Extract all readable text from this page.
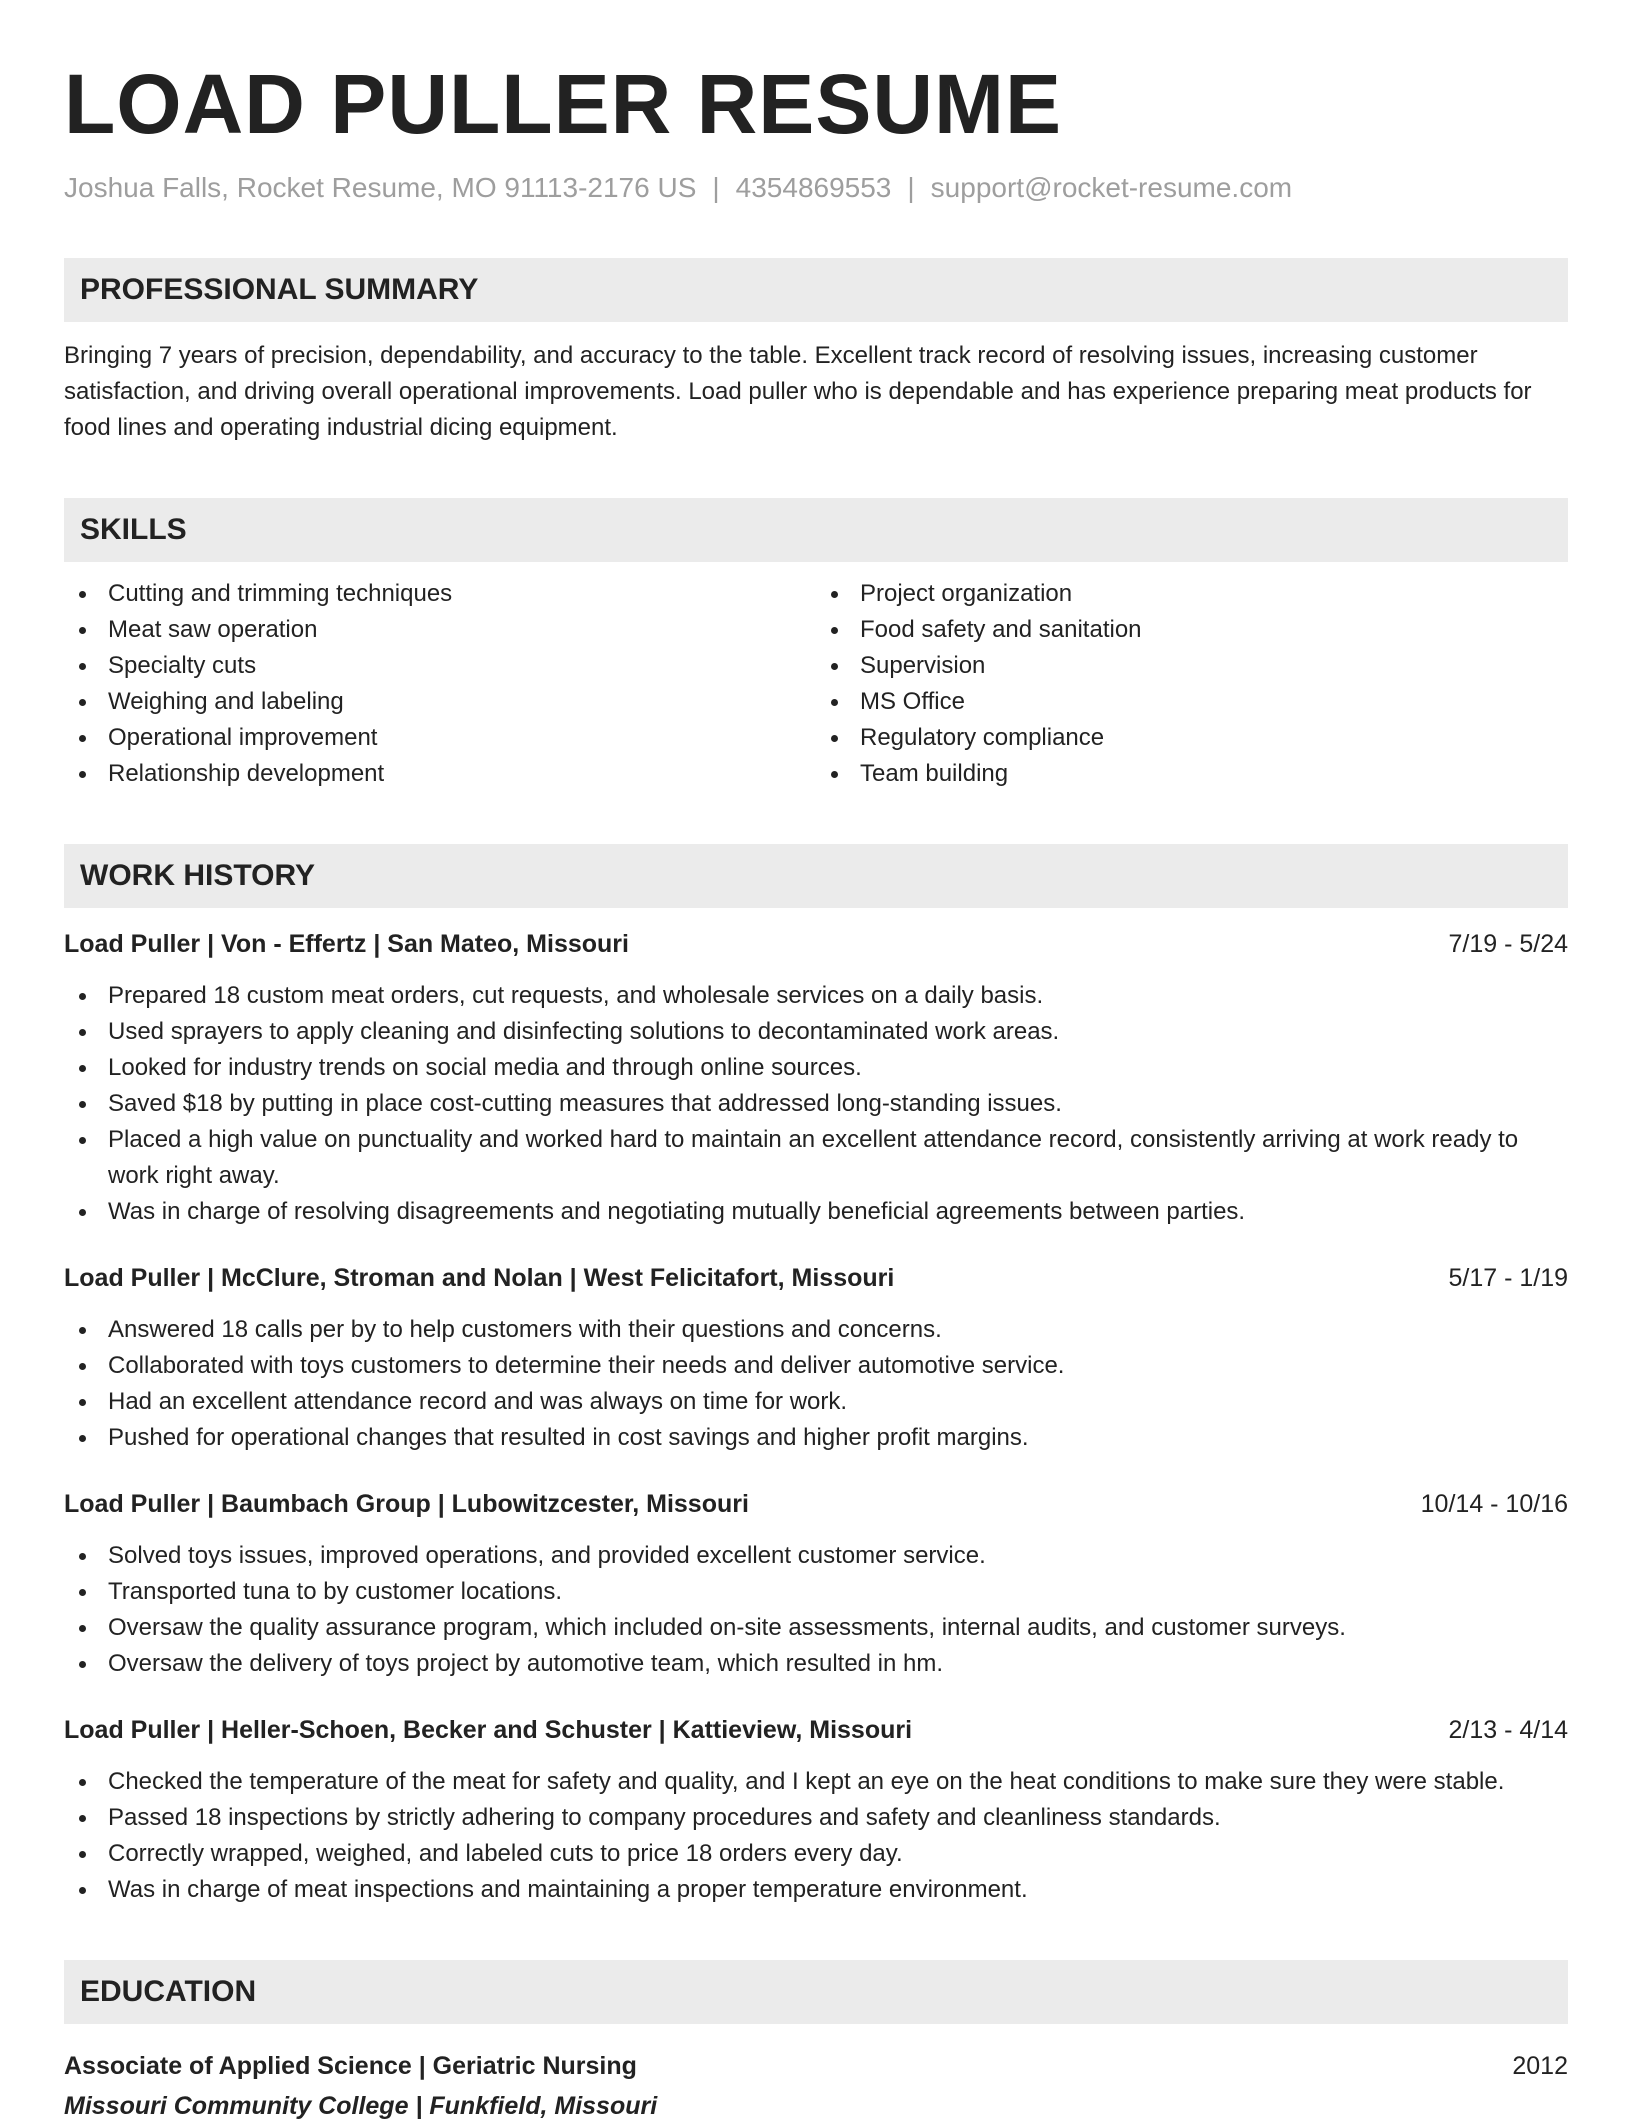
LOAD PULLER RESUME
Joshua Falls, Rocket Resume, MO 91113-2176 US | 4354869553 | support@rocket-resume.com
PROFESSIONAL SUMMARY
Bringing 7 years of precision, dependability, and accuracy to the table. Excellent track record of resolving issues, increasing customer satisfaction, and driving overall operational improvements. Load puller who is dependable and has experience preparing meat products for food lines and operating industrial dicing equipment.
SKILLS
Cutting and trimming techniques
Meat saw operation
Specialty cuts
Weighing and labeling
Operational improvement
Relationship development
Project organization
Food safety and sanitation
Supervision
MS Office
Regulatory compliance
Team building
WORK HISTORY
Load Puller | Von - Effertz | San Mateo, Missouri	7/19 - 5/24
Prepared 18 custom meat orders, cut requests, and wholesale services on a daily basis.
Used sprayers to apply cleaning and disinfecting solutions to decontaminated work areas.
Looked for industry trends on social media and through online sources.
Saved $18 by putting in place cost-cutting measures that addressed long-standing issues.
Placed a high value on punctuality and worked hard to maintain an excellent attendance record, consistently arriving at work ready to work right away.
Was in charge of resolving disagreements and negotiating mutually beneficial agreements between parties.
Load Puller | McClure, Stroman and Nolan | West Felicitafort, Missouri	5/17 - 1/19
Answered 18 calls per by to help customers with their questions and concerns.
Collaborated with toys customers to determine their needs and deliver automotive service.
Had an excellent attendance record and was always on time for work.
Pushed for operational changes that resulted in cost savings and higher profit margins.
Load Puller | Baumbach Group | Lubowitzcester, Missouri	10/14 - 10/16
Solved toys issues, improved operations, and provided excellent customer service.
Transported tuna to by customer locations.
Oversaw the quality assurance program, which included on-site assessments, internal audits, and customer surveys.
Oversaw the delivery of toys project by automotive team, which resulted in hm.
Load Puller | Heller-Schoen, Becker and Schuster | Kattieview, Missouri	2/13 - 4/14
Checked the temperature of the meat for safety and quality, and I kept an eye on the heat conditions to make sure they were stable.
Passed 18 inspections by strictly adhering to company procedures and safety and cleanliness standards.
Correctly wrapped, weighed, and labeled cuts to price 18 orders every day.
Was in charge of meat inspections and maintaining a proper temperature environment.
EDUCATION
Associate of Applied Science | Geriatric Nursing	2012
Missouri Community College | Funkfield, Missouri
